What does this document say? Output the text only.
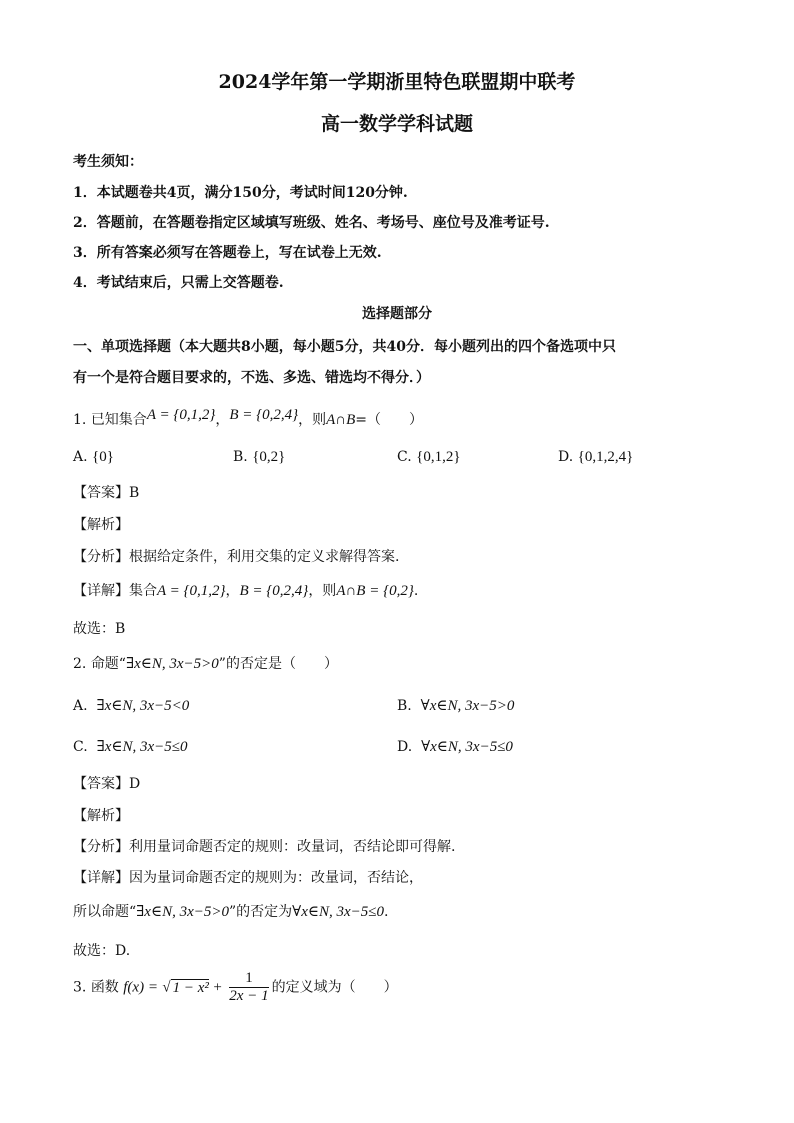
2024学年第一学期浙里特色联盟期中联考
高一数学学科试题
考生须知：
1．本试题卷共4页，满分150分，考试时间120分钟.
2．答题前，在答题卷指定区域填写班级、姓名、考场号、座位号及准考证号.
3．所有答案必须写在答题卷上，写在试卷上无效.
4．考试结束后，只需上交答题卷.
选择题部分
一、单项选择题（本大题共8小题，每小题5分，共40分．每小题列出的四个备选项中只
有一个是符合题目要求的，不选、多选、错选均不得分．）
1. 已知集合A = {0,1,2}，B = {0,2,4}，则A∩B=（　　）
A. {0}	B. {0,2}	C. {0,1,2}	D. {0,1,2,4}
【答案】B
【解析】
【分析】根据给定条件，利用交集的定义求解得答案.
【详解】集合A = {0,1,2}，B = {0,2,4}，则A∩B = {0,2}.
故选：B
2. 命题“∃x∈N, 3x−5>0”的否定是（　　）
A. ∃x∈N, 3x−5<0	B. ∀x∈N, 3x−5>0
C. ∃x∈N, 3x−5≤0	D. ∀x∈N, 3x−5≤0
【答案】D
【解析】
【分析】利用量词命题否定的规则：改量词，否结论即可得解.
【详解】因为量词命题否定的规则为：改量词，否结论，
所以命题“∃x∈N, 3x−5>0”的否定为∀x∈N, 3x−5≤0.
故选：D.
3. 函数 f(x) = √ $1 - x^2 + \frac{1}{2x - 1}$ 的定义域为（　　）
